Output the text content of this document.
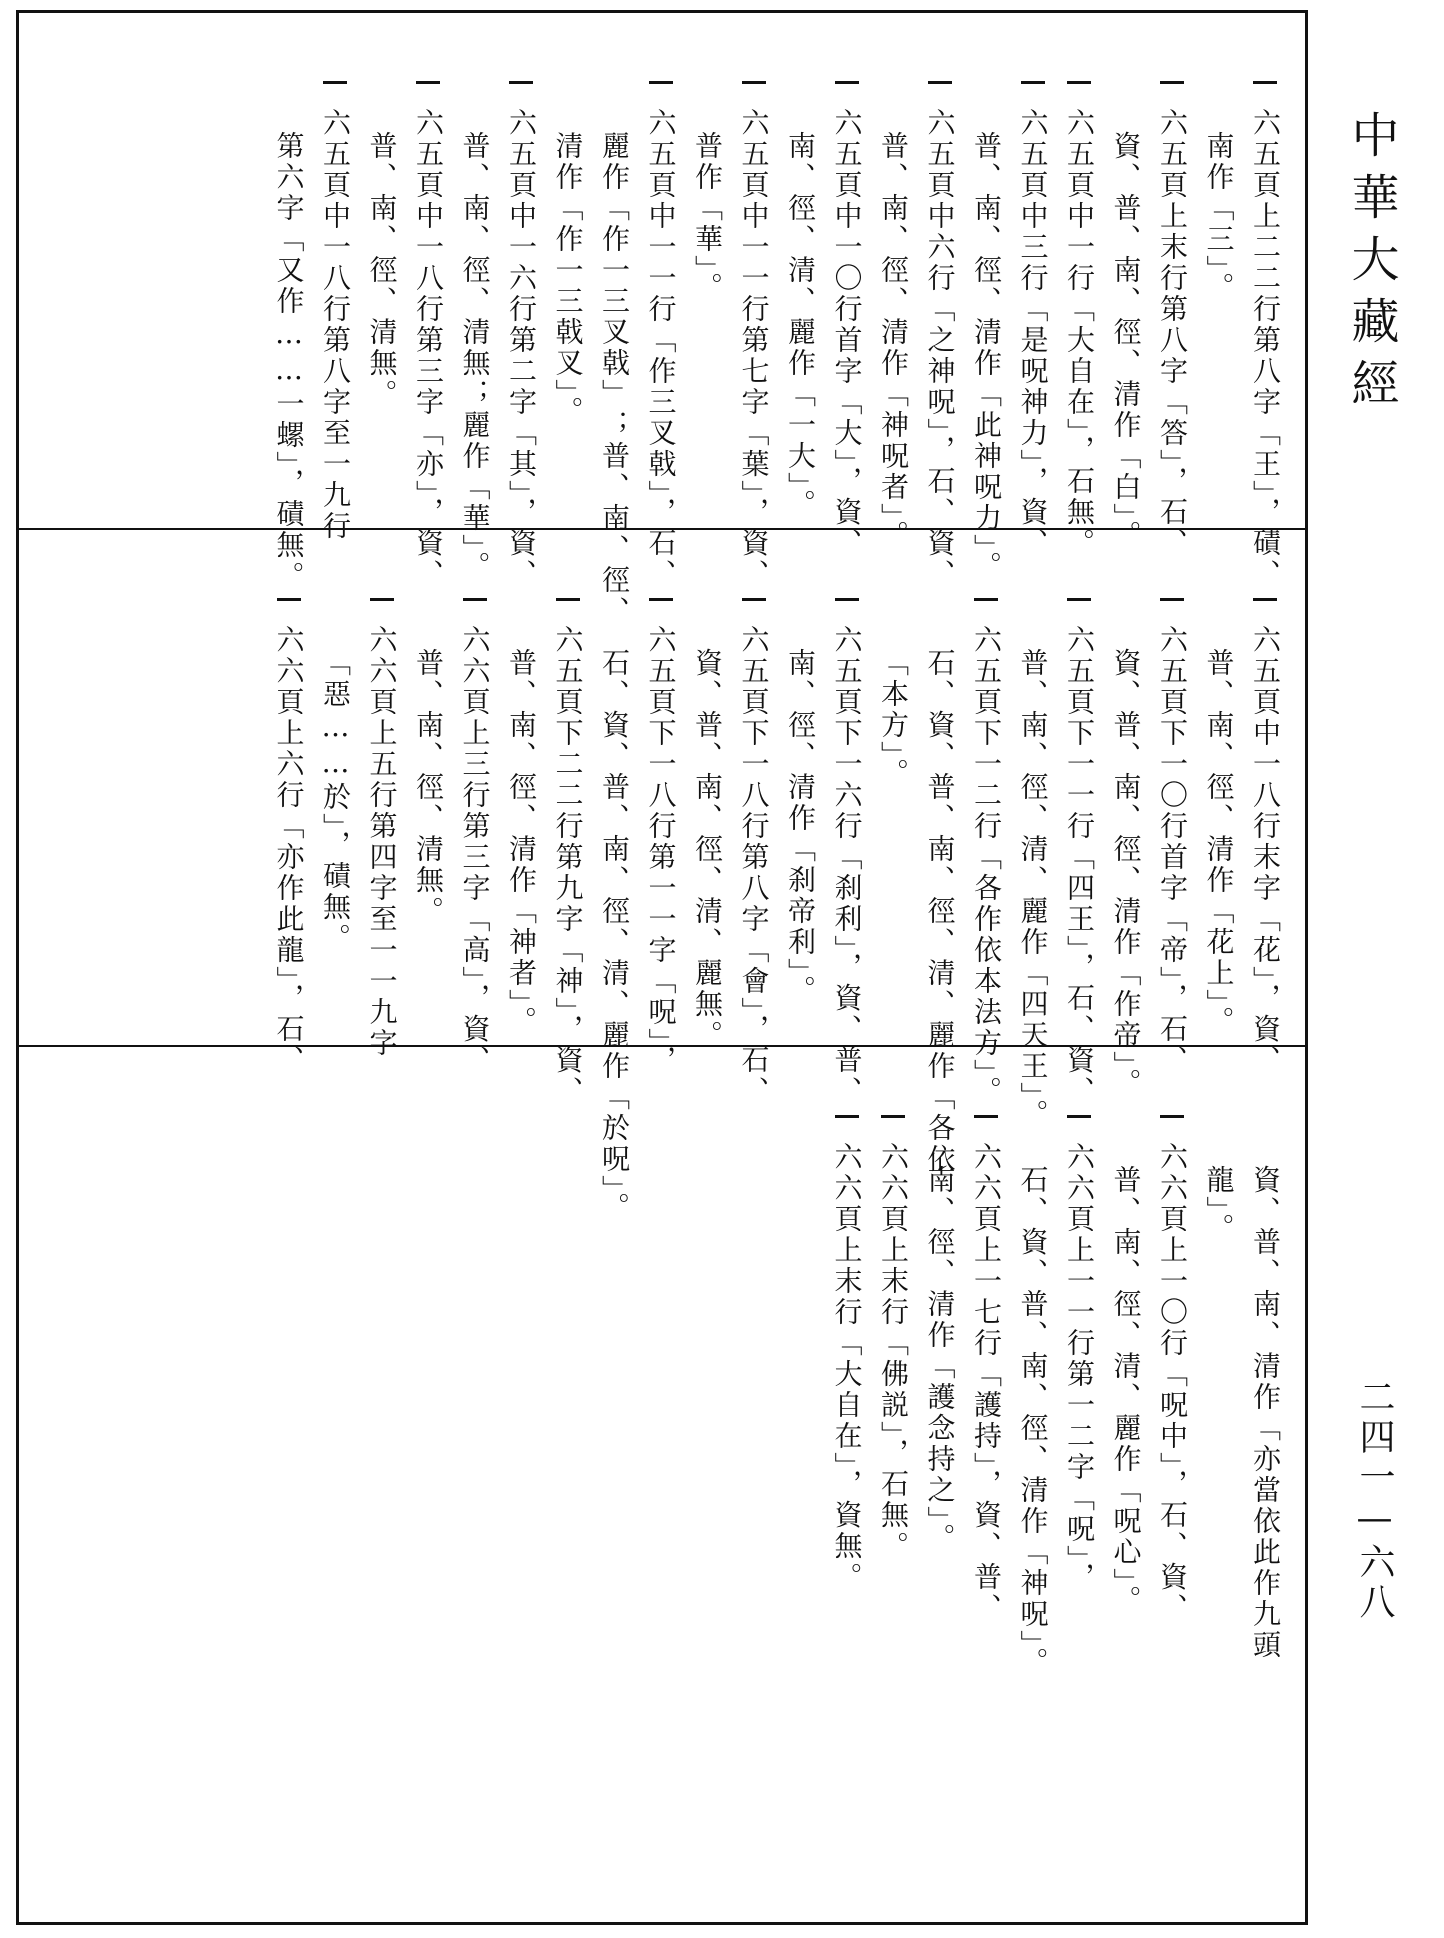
中華大藏經
六五頁上二二行第八字「王」，磧、
南作「三」。
六五頁上末行第八字「答」，石、
資、普、南、徑、清作「白」。
六五頁中一行「大自在」，石無。
六五頁中三行「是呪神力」，資、
普、南、徑、清作「此神呪力」。
六五頁中六行「之神呪」，石、資、
普、南、徑、清作「神呪者」。
六五頁中一〇行首字「大」，資、
南、徑、清、麗作「一大」。
六五頁中一一行第七字「葉」，資、
普作「華」。
六五頁中一一行「作三叉戟」，石、
麗作「作一三叉戟」；普、南、徑、
清作「作一三戟叉」。
六五頁中一六行第二字「其」，資、
普、南、徑、清無；麗作「華」。
六五頁中一八行第三字「亦」，資、
普、南、徑、清無。
六五頁中一八行第八字至一九行
第六字「又作……一螺」，磧無。
六五頁中一八行末字「花」，資、
普、南、徑、清作「花上」。
六五頁下一〇行首字「帝」，石、
資、普、南、徑、清作「作帝」。
六五頁下一一行「四王」，石、資、
普、南、徑、清、麗作「四天王」。
六五頁下一二行「各作依本法方」。
石、資、普、南、徑、清、麗作「各依
「本方」。
六五頁下一六行「刹利」，資、普、
南、徑、清作「刹帝利」。
六五頁下一八行第八字「會」，石、
資、普、南、徑、清、麗無。
六五頁下一八行第一一字「呪」，
石、資、普、南、徑、清、麗作「於呪」。
六五頁下二二行第九字「神」，資、
普、南、徑、清作「神者」。
六六頁上三行第三字「高」，資、
普、南、徑、清無。
六六頁上五行第四字至一一九字
「惡……於」，磧無。
六六頁上六行「亦作此龍」，石、
資、普、南、清作「亦當依此作九頭
龍」。
六六頁上一〇行「呪中」，石、資、
普、南、徑、清、麗作「呪心」。
六六頁上一一行第一二字「呪」，
石、資、普、南、徑、清作「神呪」。
六六頁上一七行「護持」，資、普、
南、徑、清作「護念持之」。
六六頁上末行「佛説」，石無。
六六頁上末行「大自在」，資無。	二四一—六八
